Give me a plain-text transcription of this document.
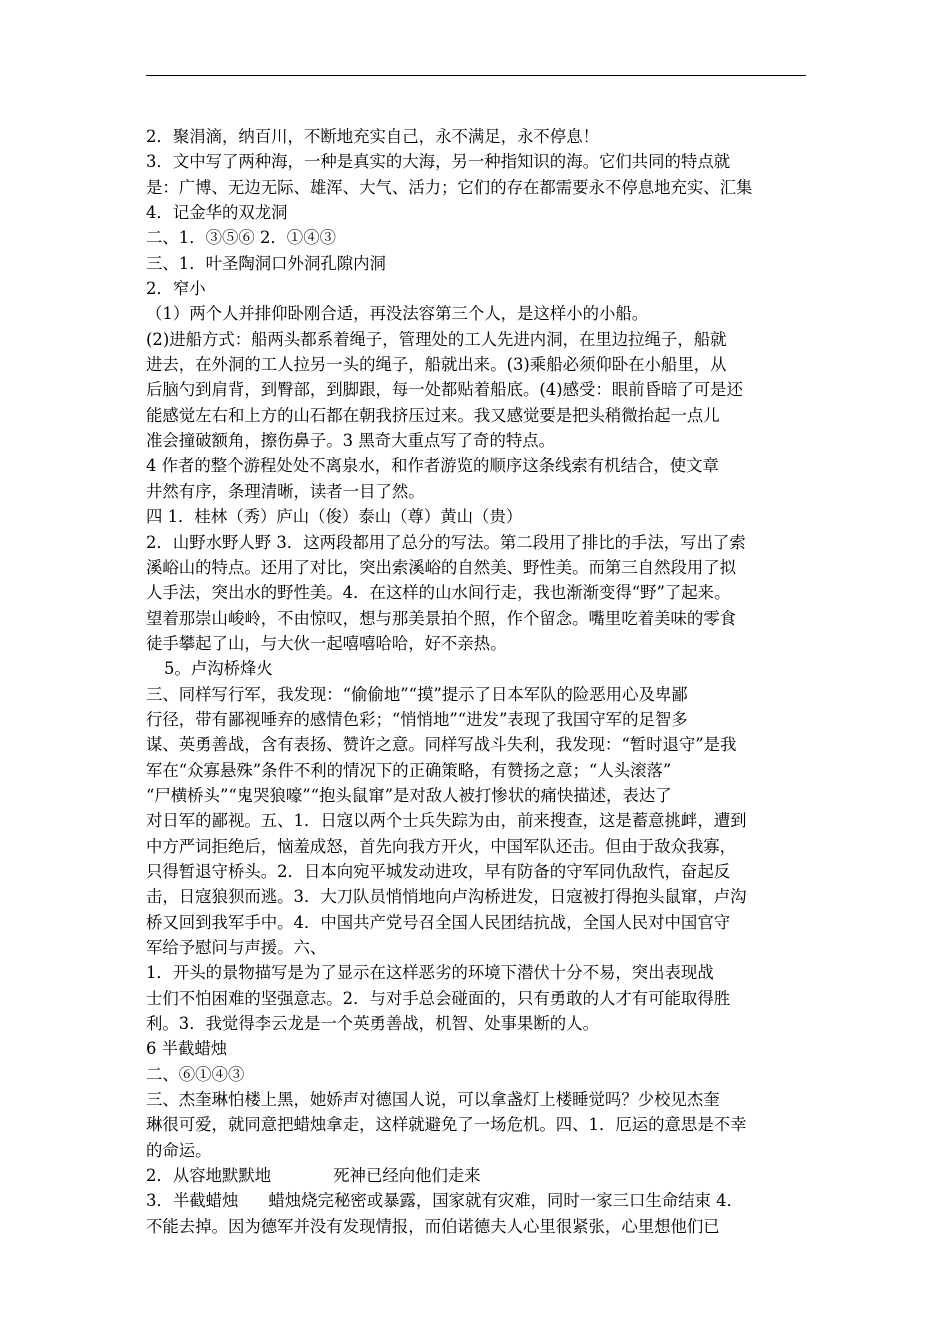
2．聚涓滴，纳百川，不断地充实自己，永不满足，永不停息！
3．文中写了两种海，一种是真实的大海，另一种指知识的海。它们共同的特点就
是：广博、无边无际、雄浑、大气、活力；它们的存在都需要永不停息地充实、汇集
4．记金华的双龙洞
二、1．③⑤⑥ 2．①④③
三、1．叶圣陶洞口外洞孔隙内洞
2．窄小
（1）两个人并排仰卧刚合适，再没法容第三个人，是这样小的小船。
(2)进船方式：船两头都系着绳子，管理处的工人先进内洞，在里边拉绳子，船就
进去，在外洞的工人拉另一头的绳子，船就出来。(3)乘船必须仰卧在小船里，从
后脑勺到肩背，到臀部，到脚跟，每一处都贴着船底。(4)感受：眼前昏暗了可是还
能感觉左右和上方的山石都在朝我挤压过来。我又感觉要是把头稍微抬起一点儿
准会撞破额角，擦伤鼻子。3 黑奇大重点写了奇的特点。
4 作者的整个游程处处不离泉水，和作者游览的顺序这条线索有机结合，使文章
井然有序，条理清晰，读者一目了然。
四 1．桂林（秀）庐山（俊）泰山（尊）黄山（贵）
2．山野水野人野 3．这两段都用了总分的写法。第二段用了排比的手法，写出了索
溪峪山的特点。还用了对比，突出索溪峪的自然美、野性美。而第三自然段用了拟
人手法，突出水的野性美。4．在这样的山水间行走，我也渐渐变得“野”了起来。
望着那崇山峻岭，不由惊叹，想与那美景拍个照，作个留念。嘴里吃着美味的零食
徒手攀起了山，与大伙一起嘻嘻哈哈，好不亲热。
5。卢沟桥烽火
三、同样写行军，我发现：“偷偷地”“摸”提示了日本军队的险恶用心及卑鄙
行径，带有鄙视唾弃的感情色彩；“悄悄地”“进发”表现了我国守军的足智多
谋、英勇善战，含有表扬、赞许之意。同样写战斗失利，我发现：“暂时退守”是我
军在“众寡悬殊”条件不利的情况下的正确策略，有赞扬之意；“人头滚落”
“尸横桥头”“鬼哭狼嚎”“抱头鼠窜”是对敌人被打惨状的痛快描述，表达了
对日军的鄙视。五、1．日寇以两个士兵失踪为由，前来搜查，这是蓄意挑衅，遭到
中方严词拒绝后，恼羞成怒，首先向我方开火，中国军队还击。但由于敌众我寡，
只得暂退守桥头。2．日本向宛平城发动进攻，早有防备的守军同仇敌忾，奋起反
击，日寇狼狈而逃。3．大刀队员悄悄地向卢沟桥进发，日寇被打得抱头鼠窜，卢沟
桥又回到我军手中。4．中国共产党号召全国人民团结抗战，全国人民对中国官守
军给予慰问与声援。六、
1．开头的景物描写是为了显示在这样恶劣的环境下潜伏十分不易，突出表现战
士们不怕困难的坚强意志。2．与对手总会碰面的，只有勇敢的人才有可能取得胜
利。3．我觉得李云龙是一个英勇善战，机智、处事果断的人。
6 半截蜡烛
二、⑥①④③
三、杰奎琳怕楼上黑，她娇声对德国人说，可以拿盏灯上楼睡觉吗？少校见杰奎
琳很可爱，就同意把蜡烛拿走，这样就避免了一场危机。四、1．厄运的意思是不幸
的命运。
2．从容地默默地	死神已经向他们走来
3．半截蜡烛 蜡烛烧完秘密或暴露，国家就有灾难，同时一家三口生命结束 4．
不能去掉。因为德军并没有发现情报，而伯诺德夫人心里很紧张，心里想他们已
